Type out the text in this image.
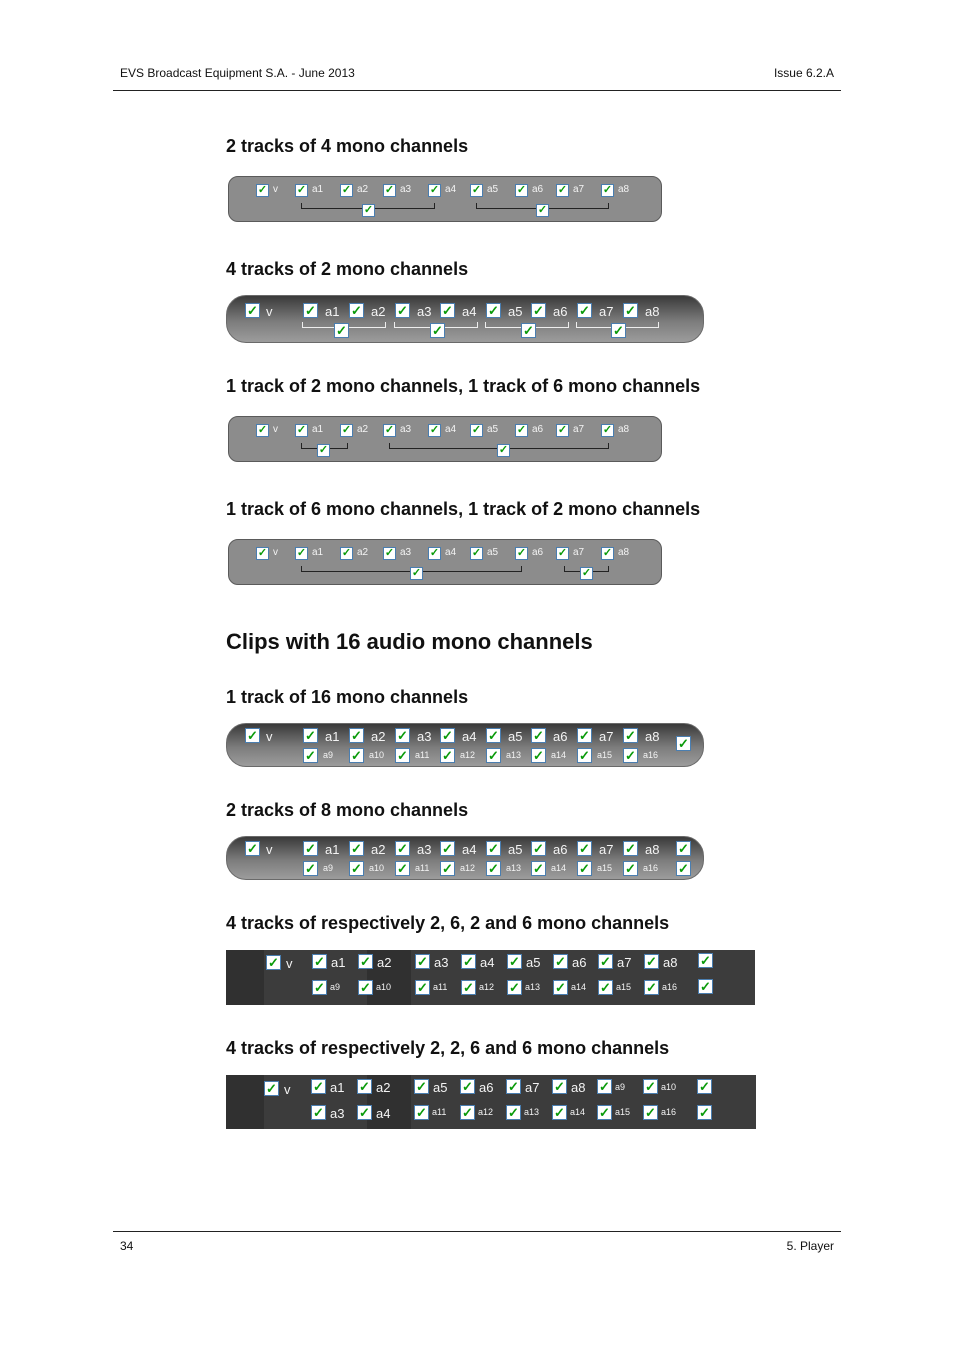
EVS Broadcast Equipment S.A. - June 2013	Issue 6.2.A
2 tracks of 4 mono channels
✓ v ✓ a1 ✓ a2 ✓ a3 ✓ a4 ✓ a5 ✓ a6 ✓ a7 ✓ a8
✓	✓
4 tracks of 2 mono channels
✓ v	✓ a1 ✓ a2 ✓ a3 ✓ a4 ✓ a5 ✓ a6 ✓ a7 ✓ a8
✓	✓	✓	✓
1 track of 2 mono channels, 1 track of 6 mono channels
✓ v ✓ a1 ✓ a2 ✓ a3 ✓ a4 ✓ a5 ✓ a6 ✓ a7 ✓ a8
✓	✓
1 track of 6 mono channels, 1 track of 2 mono channels
✓ v ✓ a1 ✓ a2 ✓ a3 ✓ a4 ✓ a5 ✓ a6 ✓ a7 ✓ a8
✓	✓
Clips with 16 audio mono channels
1 track of 16 mono channels
✓ v	✓ a1 ✓ a2 ✓ a3 ✓ a4 ✓ a5 ✓ a6 ✓ a7 ✓ a8
✓ a9 ✓ a10 ✓ a11 ✓ a12 ✓ a13 ✓ a14 ✓ a15 ✓ a16
✓
2 tracks of 8 mono channels
✓ v	✓ a1 ✓ a2 ✓ a3 ✓ a4 ✓ a5 ✓ a6 ✓ a7 ✓ a8
✓ a9 ✓ a10 ✓ a11 ✓ a12 ✓ a13 ✓ a14 ✓ a15 ✓ a16
✓
✓
4 tracks of respectively 2, 6, 2 and 6 mono channels
✓ v ✓ a1 ✓ a2 ✓ a3 ✓ a4 ✓ a5 ✓ a6 ✓ a7 ✓ a8
✓ a9 ✓ a10 ✓ a11 ✓ a12 ✓ a13 ✓ a14 ✓ a15 ✓ a16
✓
✓
4 tracks of respectively 2, 2, 6 and 6 mono channels
✓ v ✓ a1 ✓ a2 ✓ a5 ✓ a6 ✓ a7 ✓ a8 ✓ a9 ✓ a10
✓ a3 ✓ a4 ✓ a11 ✓ a12 ✓ a13 ✓ a14 ✓ a15 ✓ a16
✓
✓
34	5. Player
